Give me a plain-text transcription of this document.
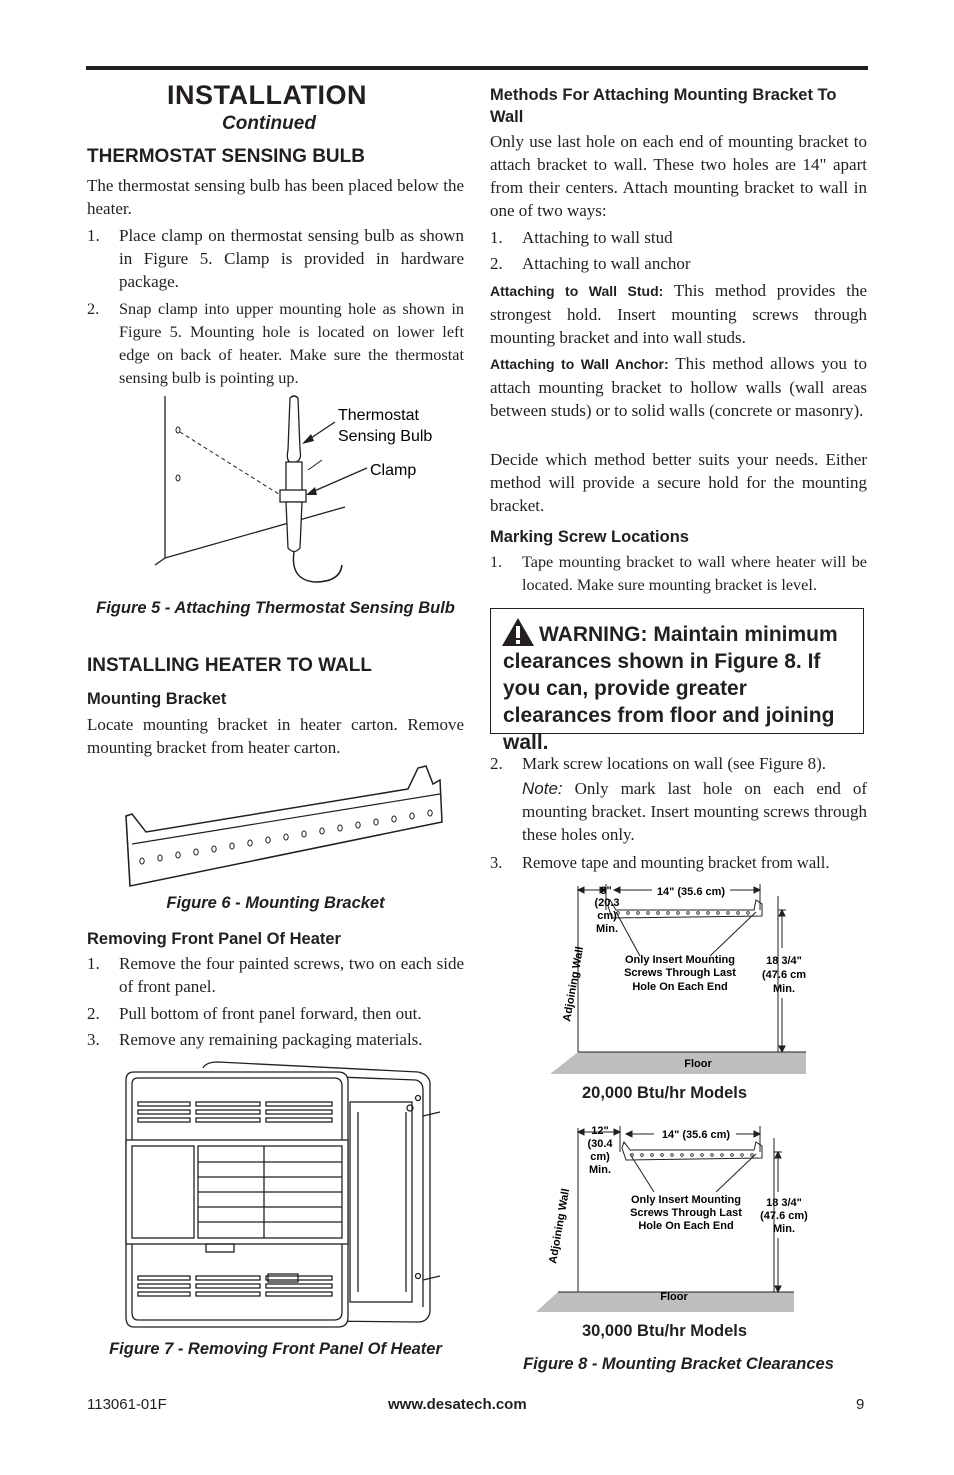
INSTALLATION
Continued
THERMOSTAT SENSING BULB
The thermostat sensing bulb has been placed below the heater.
1. Place clamp on thermostat sensing bulb as shown in Figure 5. Clamp is provided in hardware package.
2. Snap clamp into upper mounting hole as shown in Figure 5. Mounting hole is located on lower left edge on back of heater. Make sure the thermostat sensing bulb is pointing up.
Thermostat
Sensing Bulb
Clamp
Figure 5 - Attaching Thermostat Sensing Bulb
INSTALLING HEATER TO WALL
Mounting Bracket
Locate mounting bracket in heater carton. Remove mounting bracket from heater carton.
Figure 6 - Mounting Bracket
Removing Front Panel Of Heater
1. Remove the four painted screws, two on each side of front panel.
2. Pull bottom of front panel forward, then out.
3. Remove any remaining packaging materials.
Figure 7 - Removing Front Panel Of Heater
Methods For Attaching Mounting Bracket To Wall
Only use last hole on each end of mounting bracket to attach bracket to wall. These two holes are 14" apart from their centers. Attach mounting bracket to wall in one of two ways:
1. Attaching to wall stud
2. Attaching to wall anchor
Attaching to Wall Stud: This method provides the strongest hold. Insert mounting screws through mounting bracket and into wall studs.
Attaching to Wall Anchor: This method allows you to attach mounting bracket to hollow walls (wall areas between studs) or to solid walls (concrete or masonry).
Decide which method better suits your needs. Either method will provide a secure hold for the mounting bracket.
Marking Screw Locations
1. Tape mounting bracket to wall where heater will be located. Make sure mounting bracket is level.
WARNING: Maintain minimum clearances shown in Figure 8. If you can, provide greater clearances from floor and joining wall.
2. Mark screw locations on wall (see Figure 8).
Note: Only mark last hole on each end of mounting bracket. Insert mounting screws through these holes only.
3. Remove tape and mounting bracket from wall.
8"
(20.3
cm)
Min.
14" (35.6 cm)
Only Insert Mounting
Screws Through Last
Hole On Each End
18 3/4"
(47.6 cm
Min.
Adjoining Wall
Floor
20,000 Btu/hr Models
12"
(30.4
cm)
Min.
14" (35.6 cm)
Only Insert Mounting
Screws Through Last
Hole On Each End
18 3/4"
(47.6 cm)
Min.
Adjoining Wall
Floor
30,000 Btu/hr Models
Figure 8 - Mounting Bracket Clearances
113061-01F	www.desatech.com	9
